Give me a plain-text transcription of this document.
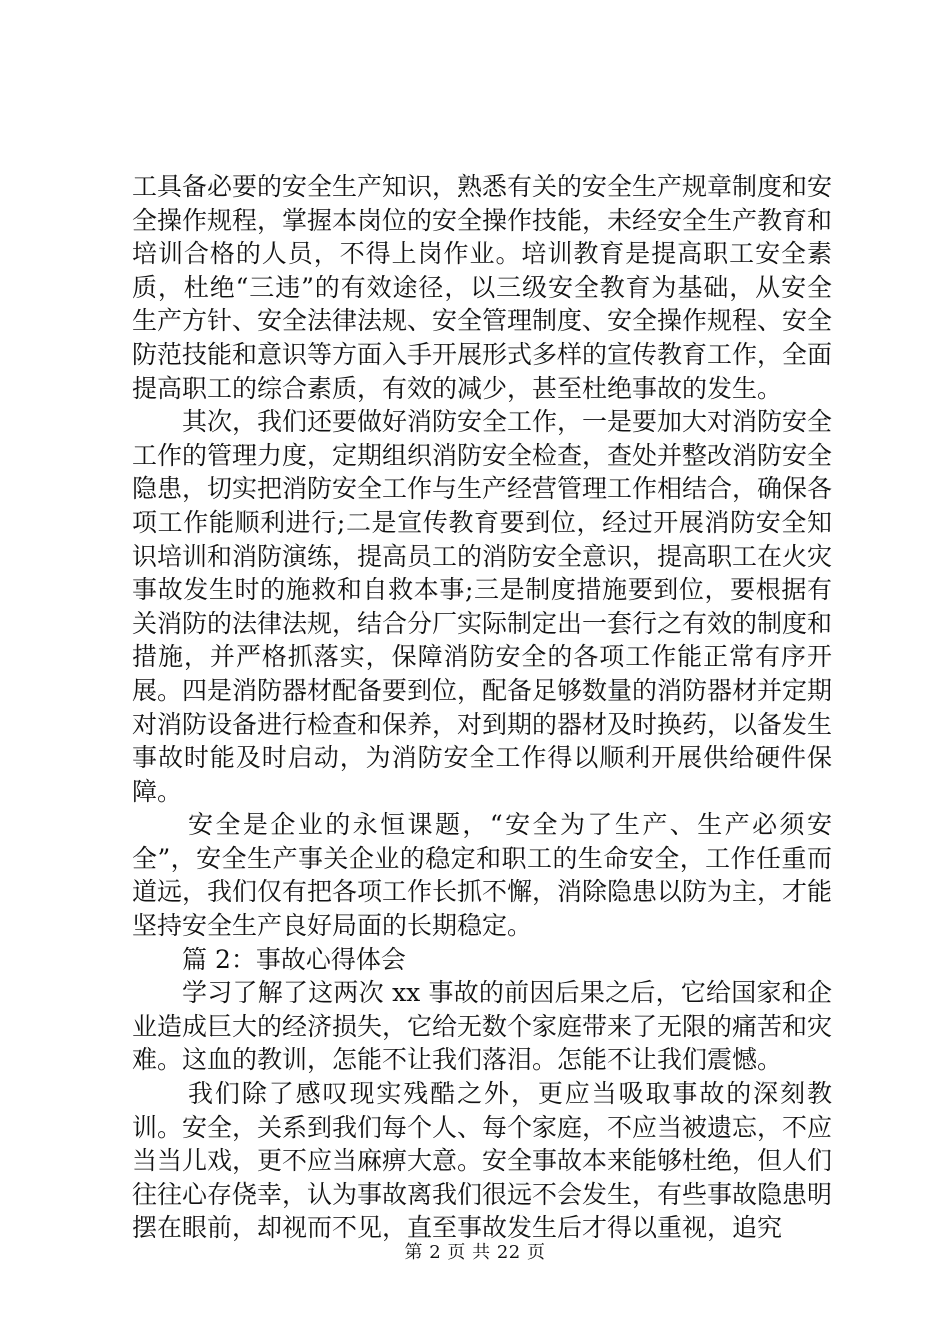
工具备必要的安全生产知识，熟悉有关的安全生产规章制度和安全操作规程，掌握本岗位的安全操作技能，未经安全生产教育和培训合格的人员，不得上岗作业。培训教育是提高职工安全素质，杜绝“三违”的有效途径，以三级安全教育为基础，从安全生产方针、安全法律法规、安全管理制度、安全操作规程、安全防范技能和意识等方面入手开展形式多样的宣传教育工作，全面提高职工的综合素质，有效的减少，甚至杜绝事故的发生。

其次，我们还要做好消防安全工作，一是要加大对消防安全工作的管理力度，定期组织消防安全检查，查处并整改消防安全隐患，切实把消防安全工作与生产经营管理工作相结合，确保各项工作能顺利进行;二是宣传教育要到位，经过开展消防安全知识培训和消防演练，提高员工的消防安全意识，提高职工在火灾事故发生时的施救和自救本事;三是制度措施要到位，要根据有关消防的法律法规，结合分厂实际制定出一套行之有效的制度和措施，并严格抓落实，保障消防安全的各项工作能正常有序开展。四是消防器材配备要到位，配备足够数量的消防器材并定期对消防设备进行检查和保养，对到期的器材及时换药，以备发生事故时能及时启动，为消防安全工作得以顺利开展供给硬件保障。

安全是企业的永恒课题，“安全为了生产、生产必须安全”，安全生产事关企业的稳定和职工的生命安全，工作任重而道远，我们仅有把各项工作长抓不懈，消除隐患以防为主，才能坚持安全生产良好局面的长期稳定。

篇 2：事故心得体会

学习了解了这两次 xx 事故的前因后果之后，它给国家和企业造成巨大的经济损失，它给无数个家庭带来了无限的痛苦和灾难。这血的教训，怎能不让我们落泪。怎能不让我们震憾。

我们除了感叹现实残酷之外，更应当吸取事故的深刻教训。安全，关系到我们每个人、每个家庭，不应当被遗忘，不应当当儿戏，更不应当麻痹大意。安全事故本来能够杜绝，但人们往往心存侥幸，认为事故离我们很远不会发生，有些事故隐患明摆在眼前，却视而不见，直至事故发生后才得以重视，追究

第 2 页 共 22 页
